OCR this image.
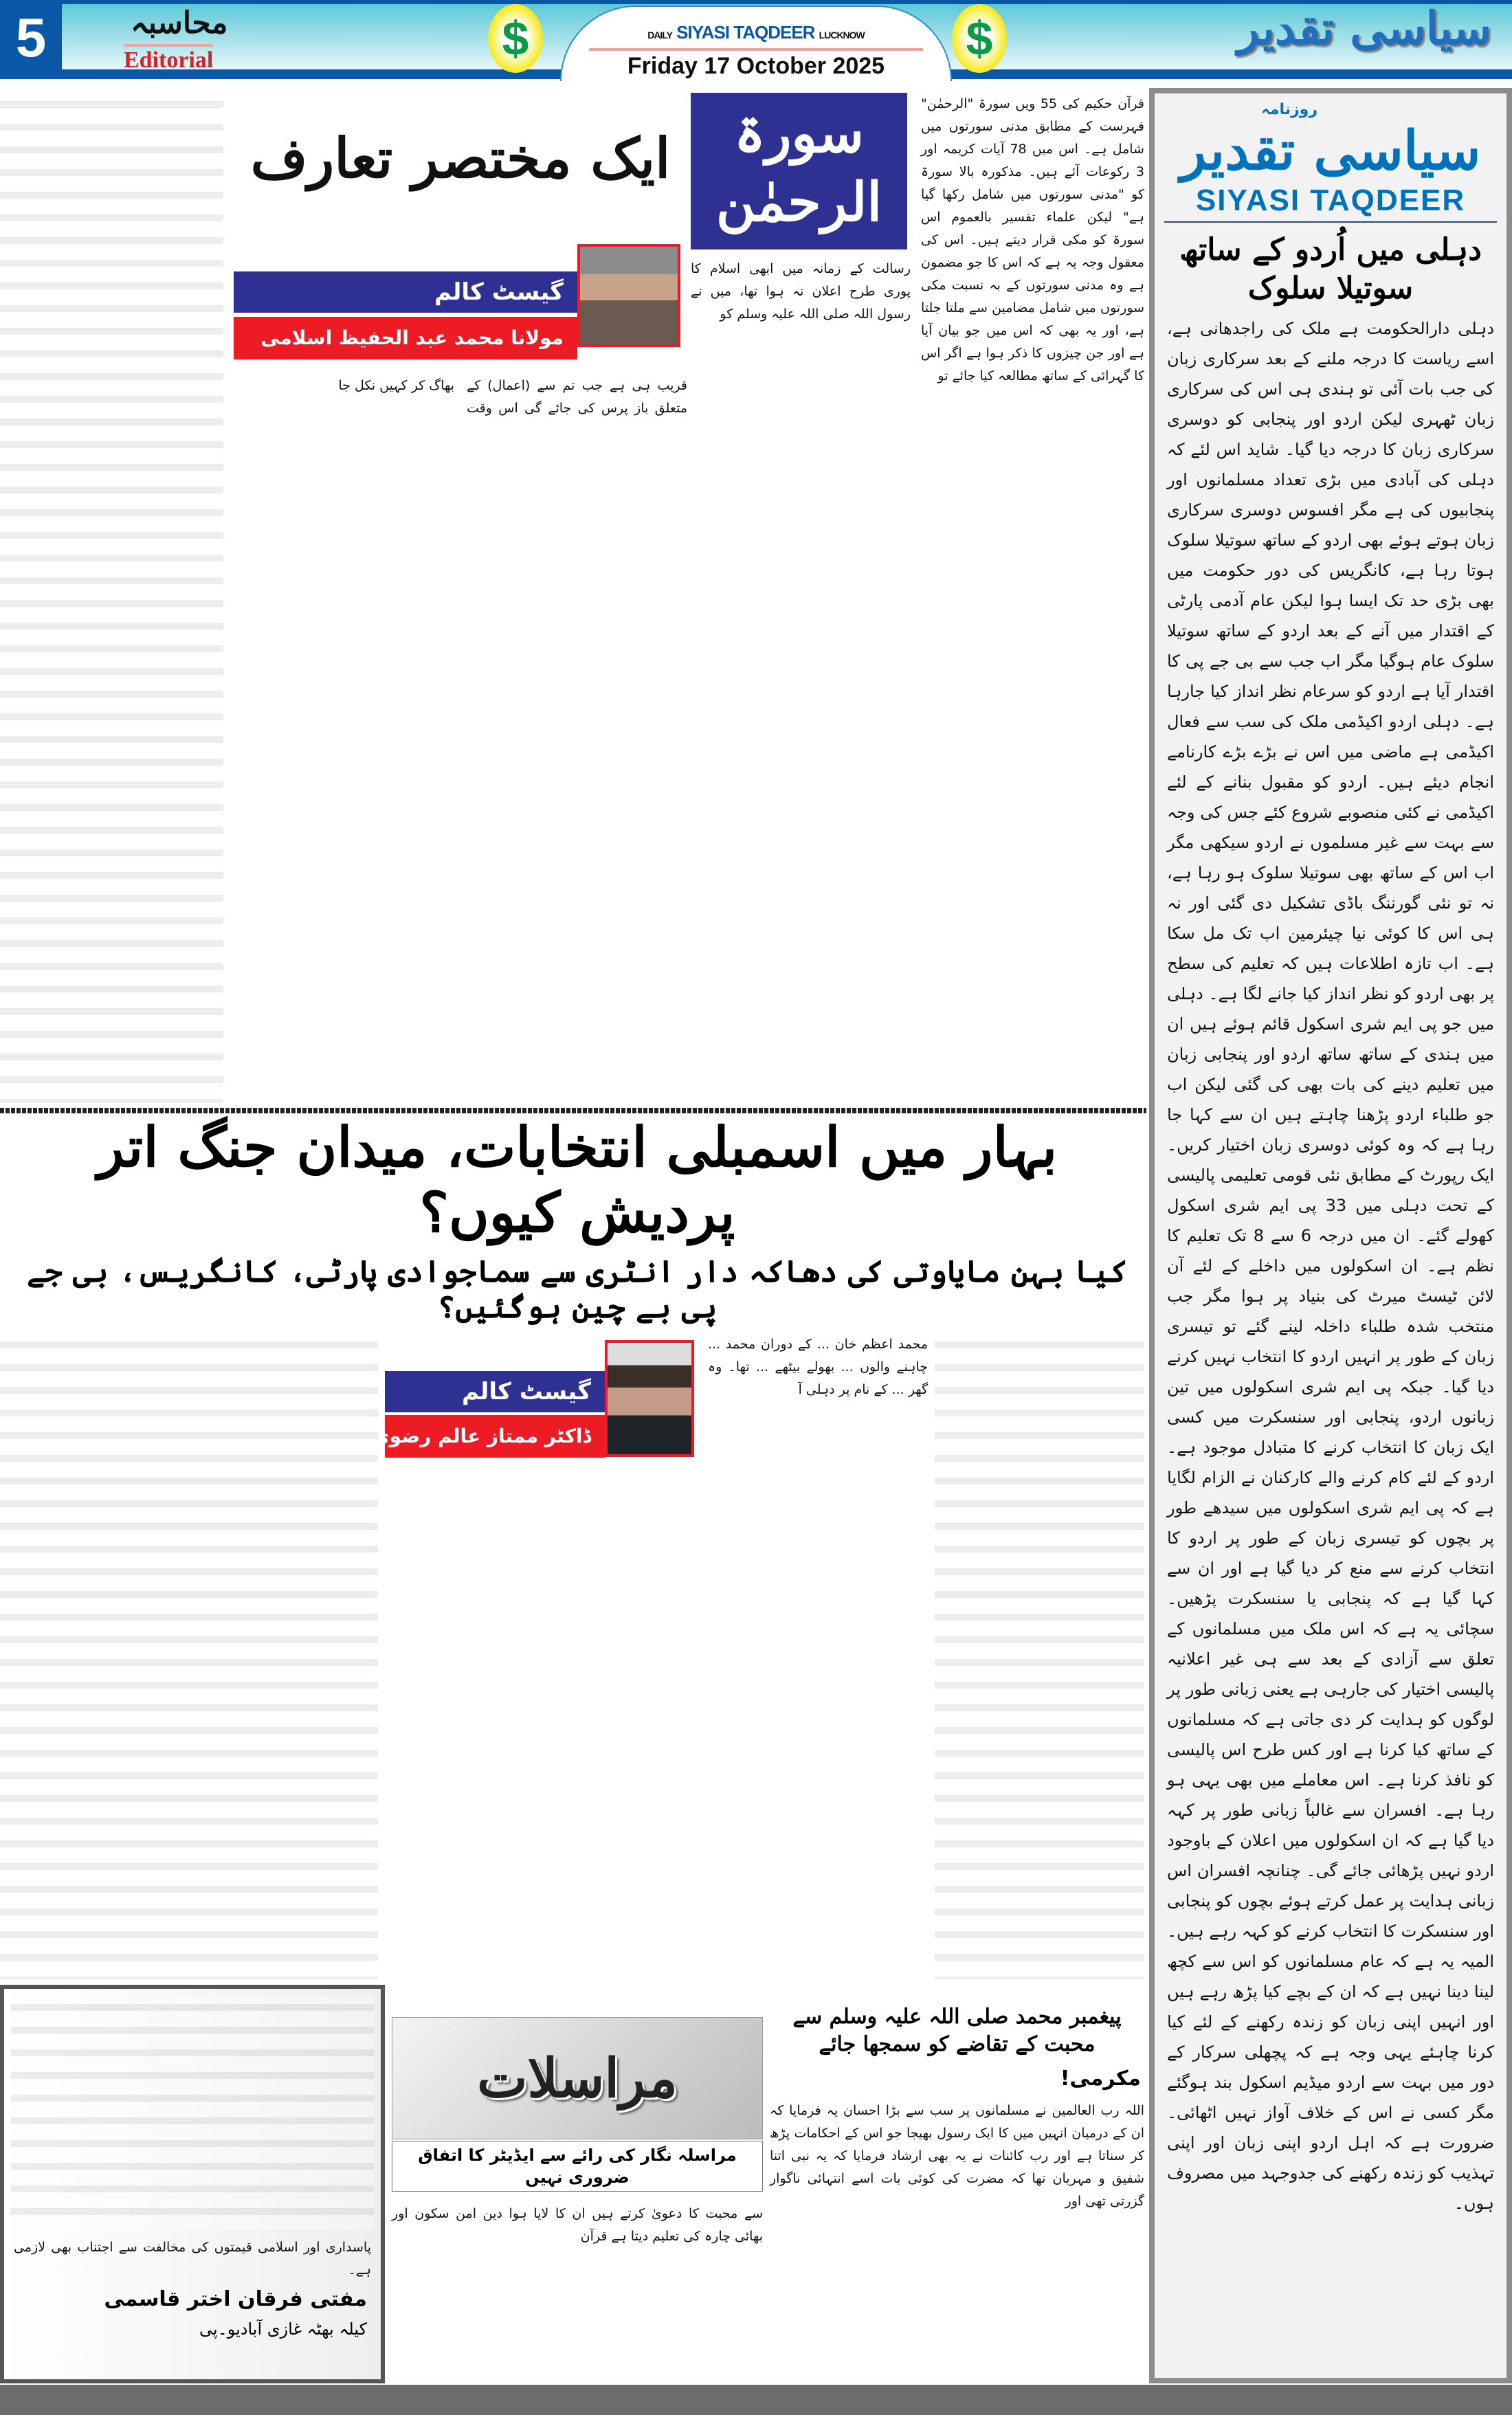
5	محاسبہ
Editorial	$	DAILY SIYASI TAQDEER LUCKNOW
Friday 17 October 2025
$	سیاسی تقدیر
روزنامہ
سیاسی تقدیر
SIYASI TAQDEER
دہلی میں اُردو کے ساتھ سوتیلا سلوک
دہلی دارالحکومت ہے ملک کی راجدھانی ہے، اسے ریاست کا درجہ ملنے کے بعد سرکاری زبان کی جب بات آئی تو ہندی ہی اس کی سرکاری زبان ٹھہری لیکن اردو اور پنجابی کو دوسری سرکاری زبان کا درجہ دیا گیا۔ شاید اس لئے کہ دہلی کی آبادی میں بڑی تعداد مسلمانوں اور پنجابیوں کی ہے مگر افسوس دوسری سرکاری زبان ہوتے ہوئے بھی اردو کے ساتھ سوتیلا سلوک ہوتا رہا ہے، کانگریس کی دور حکومت میں بھی بڑی حد تک ایسا ہوا لیکن عام آدمی پارٹی کے اقتدار میں آنے کے بعد اردو کے ساتھ سوتیلا سلوک عام ہوگیا مگر اب جب سے بی جے پی کا اقتدار آیا ہے اردو کو سرعام نظر انداز کیا جارہا ہے۔ دہلی اردو اکیڈمی ملک کی سب سے فعال اکیڈمی ہے ماضی میں اس نے بڑے بڑے کارنامے انجام دیئے ہیں۔ اردو کو مقبول بنانے کے لئے اکیڈمی نے کئی منصوبے شروع کئے جس کی وجہ سے بہت سے غیر مسلموں نے اردو سیکھی مگر اب اس کے ساتھ بھی سوتیلا سلوک ہو رہا ہے، نہ تو نئی گورننگ باڈی تشکیل دی گئی اور نہ ہی اس کا کوئی نیا چیئرمین اب تک مل سکا ہے۔ اب تازہ اطلاعات ہیں کہ تعلیم کی سطح پر بھی اردو کو نظر انداز کیا جانے لگا ہے۔ دہلی میں جو پی ایم شری اسکول قائم ہوئے ہیں ان میں ہندی کے ساتھ ساتھ اردو اور پنجابی زبان میں تعلیم دینے کی بات بھی کی گئی لیکن اب جو طلباء اردو پڑھنا چاہتے ہیں ان سے کہا جا رہا ہے کہ وہ کوئی دوسری زبان اختیار کریں۔ ایک رپورٹ کے مطابق نئی قومی تعلیمی پالیسی کے تحت دہلی میں 33 پی ایم شری اسکول کھولے گئے۔ ان میں درجہ 6 سے 8 تک تعلیم کا نظم ہے۔ ان اسکولوں میں داخلے کے لئے آن لائن ٹیسٹ میرٹ کی بنیاد پر ہوا مگر جب منتخب شدہ طلباء داخلہ لینے گئے تو تیسری زبان کے طور پر انہیں اردو کا انتخاب نہیں کرنے دیا گیا۔ جبکہ پی ایم شری اسکولوں میں تین زبانوں اردو، پنجابی اور سنسکرت میں کسی ایک زبان کا انتخاب کرنے کا متبادل موجود ہے۔ اردو کے لئے کام کرنے والے کارکنان نے الزام لگایا ہے کہ پی ایم شری اسکولوں میں سیدھے طور پر بچوں کو تیسری زبان کے طور پر اردو کا انتخاب کرنے سے منع کر دیا گیا ہے اور ان سے کہا گیا ہے کہ پنجابی یا سنسکرت پڑھیں۔ سچائی یہ ہے کہ اس ملک میں مسلمانوں کے تعلق سے آزادی کے بعد سے ہی غیر اعلانیہ پالیسی اختیار کی جارہی ہے یعنی زبانی طور پر لوگوں کو ہدایت کر دی جاتی ہے کہ مسلمانوں کے ساتھ کیا کرنا ہے اور کس طرح اس پالیسی کو نافذ کرنا ہے۔ اس معاملے میں بھی یہی ہو رہا ہے۔ افسران سے غالباً زبانی طور پر کہہ دیا گیا ہے کہ ان اسکولوں میں اعلان کے باوجود اردو نہیں پڑھائی جائے گی۔ چنانچہ افسران اس زبانی ہدایت پر عمل کرتے ہوئے بچوں کو پنجابی اور سنسکرت کا انتخاب کرنے کو کہہ رہے ہیں۔ المیہ یہ ہے کہ عام مسلمانوں کو اس سے کچھ لینا دینا نہیں ہے کہ ان کے بچے کیا پڑھ رہے ہیں اور انہیں اپنی زبان کو زندہ رکھنے کے لئے کیا کرنا چاہئے یہی وجہ ہے کہ پچھلی سرکار کے دور میں بہت سے اردو میڈیم اسکول بند ہوگئے مگر کسی نے اس کے خلاف آواز نہیں اٹھائی۔ ضرورت ہے کہ اہل اردو اپنی زبان اور اپنی تہذیب کو زندہ رکھنے کی جدوجہد میں مصروف ہوں۔
قرآن حکیم کی 55 ویں سورۃ "الرحمٰن" فہرست کے مطابق مدنی سورتوں میں شامل ہے۔ اس میں 78 آیات کریمہ اور 3 رکوعات آئے ہیں۔ مذکورہ بالا سورۃ کو "مدنی سورتوں میں شامل رکھا گیا ہے" لیکن علماء تفسیر بالعموم اس سورۃ کو مکی قرار دیتے ہیں۔ اس کی معقول وجہ یہ ہے کہ اس کا جو مضمون ہے وہ مدنی سورتوں کے بہ نسبت مکی سورتوں میں شامل مضامین سے ملتا جلتا ہے، اور یہ بھی کہ اس میں جو بیان آیا ہے اور جن چیزوں کا ذکر ہوا ہے اگر اس کا گہرائی کے ساتھ مطالعہ کیا جائے تو
سورۃ الرحمٰن
ایک مختصر تعارف
رسالت کے زمانہ میں ابھی اسلام کا پوری طرح اعلان نہ ہوا تھا، میں نے رسول اللہ صلی اللہ علیہ وسلم کو
گیسٹ کالم
مولانا محمد عبد الحفیظ اسلامی
قریب ہی ہے جب تم سے (اعمال) کے متعلق باز پرس کی جائے گی اس وقت بھاگ کر کہیں نکل جا
بہار میں اسمبلی انتخابات، میدان جنگ اتر پردیش کیوں؟
کیا بہن مایاوتی کی دھاکہ دار انٹری سے سماجوادی پارٹی، کانگریس، بی جے پی بے چین ہوگئیں؟
گیسٹ کالم
ڈاکٹر ممتاز عالم رضوی
محمد اعظم خان ... کے دوران محمد ... چاہنے والوں ... بھولے بیٹھے ... تھا۔ وہ گھر ... کے نام پر دہلی آ
پاسداری اور اسلامی قیمتوں کی مخالفت سے اجتناب بھی لازمی ہے۔
مفتی فرقان اختر قاسمی
کیلہ بھٹہ غازی آبادیو۔پی
مراسلات
مراسلہ نگار کی رائے سے ایڈیٹر کا اتفاق ضروری نہیں
سے محبت کا دعویٰ کرتے ہیں ان کا لایا ہوا دین امن سکون اور بھائی چارہ کی تعلیم دیتا ہے قرآن
پیغمبر محمد صلی اللہ علیہ وسلم سے محبت کے تقاضے کو سمجھا جائے
مکرمی!
اللہ رب العالمین نے مسلمانوں پر سب سے بڑا احسان یہ فرمایا کہ ان کے درمیان انہیں میں کا ایک رسول بھیجا جو اس کے احکامات پڑھ کر سناتا ہے اور رب کائنات نے یہ بھی ارشاد فرمایا کہ یہ نبی اتنا شفیق و مہربان تھا کہ مضرت کی کوئی بات اسے انتہائی ناگوار گزرتی تھی اور
